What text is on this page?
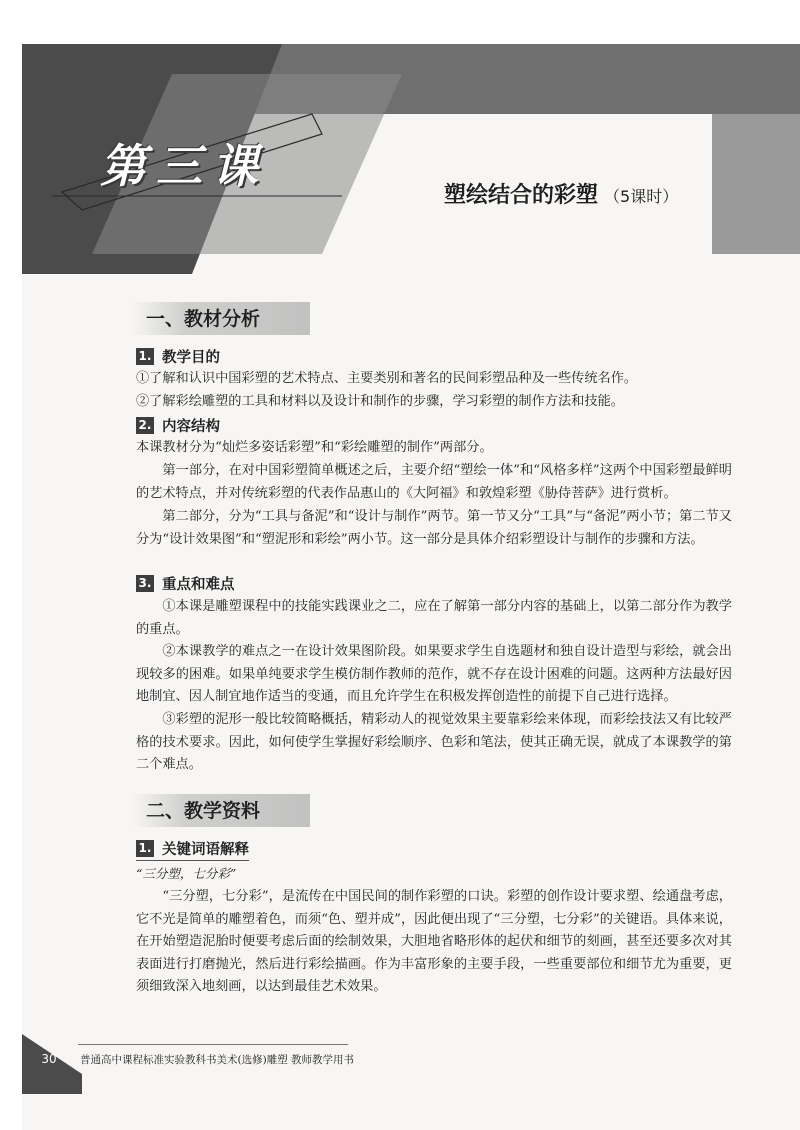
第三课
塑绘结合的彩塑 （5课时）
一、教材分析
1. 教学目的

①了解和认识中国彩塑的艺术特点、主要类别和著名的民间彩塑品种及一些传统名作。

②了解彩绘雕塑的工具和材料以及设计和制作的步骤，学习彩塑的制作方法和技能。

2. 内容结构

本课教材分为“灿烂多姿话彩塑”和“彩绘雕塑的制作”两部分。

第一部分，在对中国彩塑简单概述之后，主要介绍“塑绘一体”和“风格多样”这两个中国彩塑最鲜明的艺术特点，并对传统彩塑的代表作品惠山的《大阿福》和敦煌彩塑《胁侍菩萨》进行赏析。

第二部分，分为“工具与备泥”和“设计与制作”两节。第一节又分“工具”与“备泥”两小节；第二节又分为“设计效果图”和“塑泥形和彩绘”两小节。这一部分是具体介绍彩塑设计与制作的步骤和方法。

3. 重点和难点

①本课是雕塑课程中的技能实践课业之二，应在了解第一部分内容的基础上，以第二部分作为教学的重点。

②本课教学的难点之一在设计效果图阶段。如果要求学生自选题材和独自设计造型与彩绘，就会出现较多的困难。如果单纯要求学生模仿制作教师的范作，就不存在设计困难的问题。这两种方法最好因地制宜、因人制宜地作适当的变通，而且允许学生在积极发挥创造性的前提下自己进行选择。

③彩塑的泥形一般比较简略概括，精彩动人的视觉效果主要靠彩绘来体现，而彩绘技法又有比较严格的技术要求。因此，如何使学生掌握好彩绘顺序、色彩和笔法，使其正确无误，就成了本课教学的第二个难点。

二、教学资料
1. 关键词语解释

“三分塑，七分彩”

“三分塑，七分彩”，是流传在中国民间的制作彩塑的口诀。彩塑的创作设计要求塑、绘通盘考虑，它不光是简单的雕塑着色，而须“色、塑并成”，因此便出现了“三分塑，七分彩”的关键语。具体来说，在开始塑造泥胎时便要考虑后面的绘制效果，大胆地省略形体的起伏和细节的刻画，甚至还要多次对其表面进行打磨抛光，然后进行彩绘描画。作为丰富形象的主要手段，一些重要部位和细节尤为重要，更须细致深入地刻画，以达到最佳艺术效果。

30	普通高中课程标准实验教科书美术(选修)雕塑 教师教学用书
